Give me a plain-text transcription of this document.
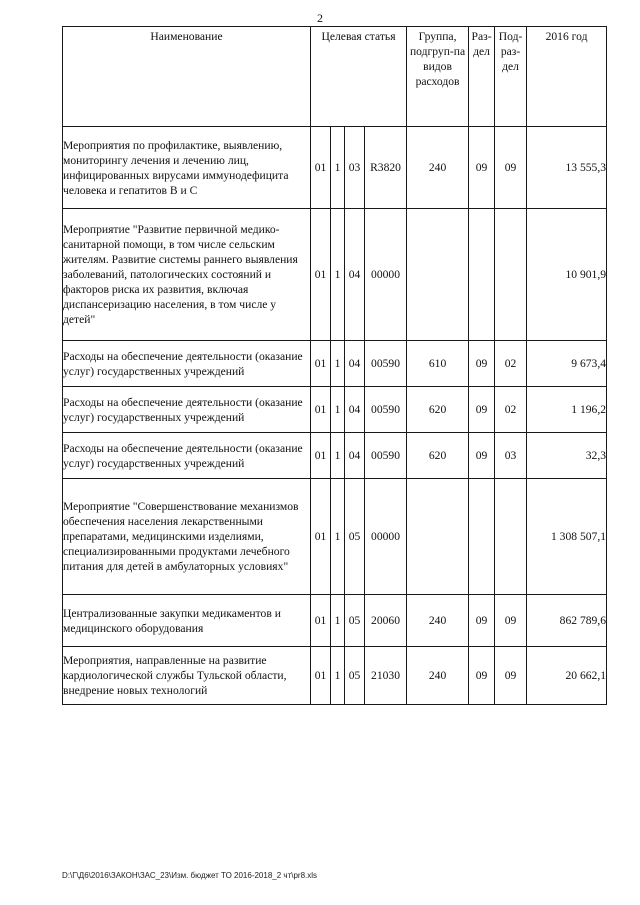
2
Наименование	Целевая статья				Группа, подгруп-па видов расходов	Раз-дел	Под-раз-дел	2016 год
Мероприятия по профилактике, выявлению, мониторингу лечения и лечению лиц, инфицированных вирусами иммунодефицита человека и гепатитов В и С	01	1	03	R3820	240	09	09	13 555,3
Мероприятие "Развитие первичной медико-санитарной помощи, в том числе сельским жителям. Развитие системы раннего выявления заболеваний, патологических состояний и факторов риска их развития, включая диспансеризацию населения, в том числе у детей"	01	1	04	00000				10 901,9
Расходы на обеспечение деятельности (оказание услуг) государственных учреждений	01	1	04	00590	610	09	02	9 673,4
Расходы на обеспечение деятельности (оказание услуг) государственных учреждений	01	1	04	00590	620	09	02	1 196,2
Расходы на обеспечение деятельности (оказание услуг) государственных учреждений	01	1	04	00590	620	09	03	32,3
Мероприятие "Совершенствование механизмов обеспечения населения лекарственными препаратами, медицинскими изделиями, специализированными продуктами лечебного питания для детей в амбулаторных условиях"	01	1	05	00000				1 308 507,1
Централизованные закупки медикаментов и медицинского оборудования	01	1	05	20060	240	09	09	862 789,6
Мероприятия, направленные на развитие кардиологической службы Тульской области, внедрение новых технологий	01	1	05	21030	240	09	09	20 662,1
D:\Г\Д6\2016\ЗАКОН\ЗАС_23\Изм. бюджет ТО 2016-2018_2 чт\pr8.xls
